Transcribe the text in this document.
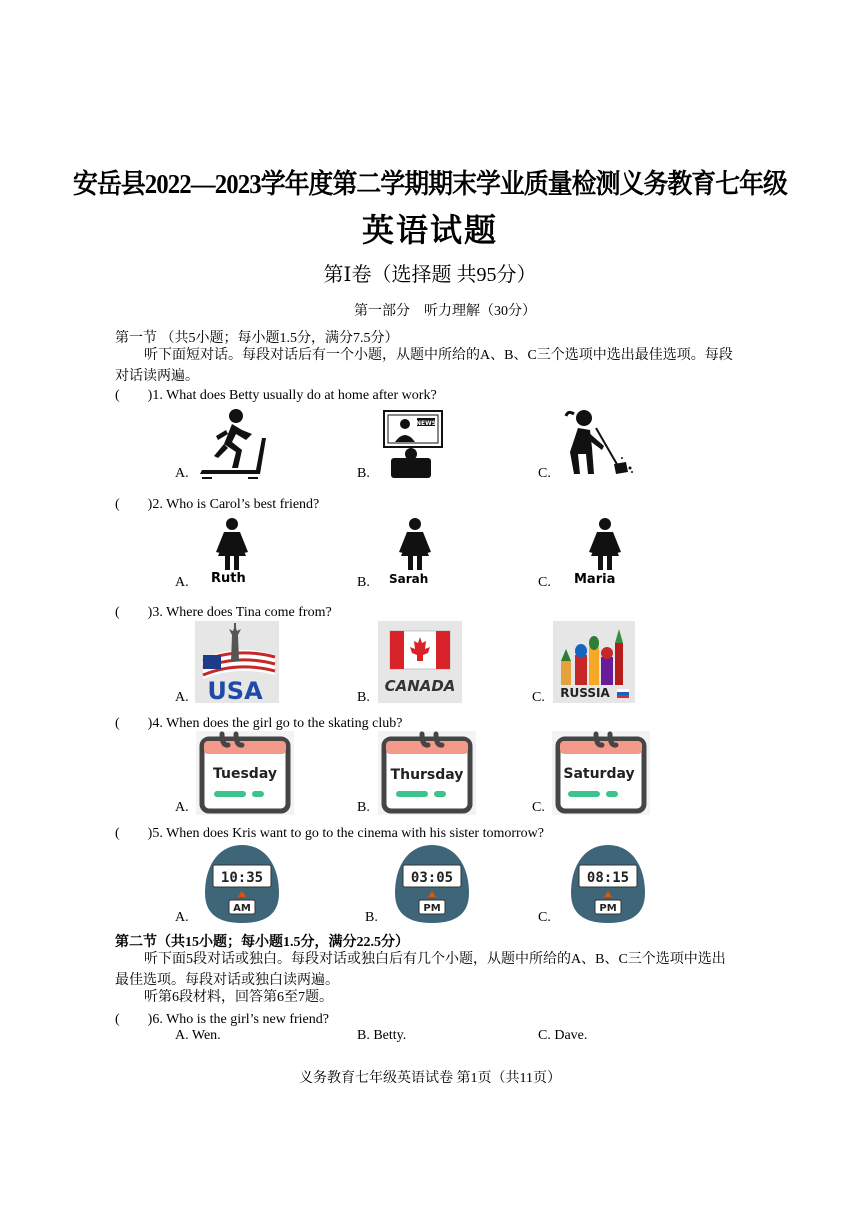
安岳县2022—2023学年度第二学期期末学业质量检测义务教育七年级
英语试题
第Ⅰ卷（选择题 共95分）
第一部分　听力理解（30分）
第一节 （共5小题；每小题1.5分，满分7.5分）
听下面短对话。每段对话后有一个小题，从题中所给的A、B、C三个选项中选出最佳选项。每段对话读两遍。
(　　)1. What does Betty usually do at home after work?
A.	B.
NEWS
C.
(　　)2. Who is Carol’s best friend?
A. Ruth	B. Sarah	C. Maria
(　　)3. Where does Tina come from?
A. USA	B.
CANADA
C. RUSSIA
(　　)4. When does the girl go to the skating club?
A.
Tuesday
B.
Thursday
C.
Saturday
(　　)5. When does Kris want to go to the cinema with his sister tomorrow?
A.
10:35
AM
B.
03:05
PM
C.
08:15
PM
第二节（共15小题；每小题1.5分，满分22.5分）
听下面5段对话或独白。每段对话或独白后有几个小题，从题中所给的A、B、C三个选项中选出最佳选项。每段对话或独白读两遍。
听第6段材料，回答第6至7题。
(　　)6. Who is the girl’s new friend?
A. Wen.	B. Betty.	C. Dave.
义务教育七年级英语试卷 第1页（共11页）
